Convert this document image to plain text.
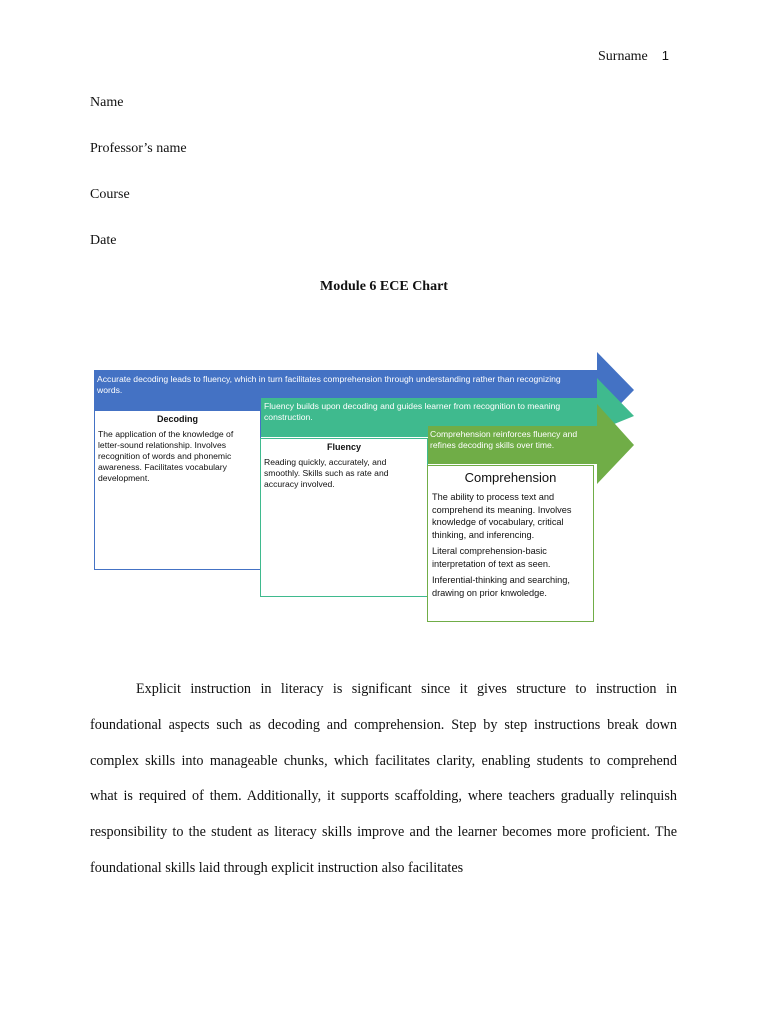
Surname 1
Name
Professor’s name
Course
Date
Module 6 ECE Chart
Accurate decoding leads to fluency, which in turn facilitates comprehension through understanding rather than recognizing words.
Fluency builds upon decoding and guides learner from recognition to meaning construction.
Comprehension reinforces fluency and refines decoding skills over time.
Decoding
The application of the knowledge of letter-sound relationship. Involves recognition of words and phonemic awareness. Facilitates vocabulary development.
Fluency
Reading quickly, accurately, and smoothly. Skills such as rate and accuracy involved.	Comprehension
The ability to process text and comprehend its meaning. Involves knowledge of vocabulary, critical thinking, and inferencing.
Literal comprehension-basic interpretation of text as seen.
Inferential-thinking and searching, drawing on prior knwoledge.

Explicit instruction in literacy is significant since it gives structure to instruction in foundational aspects such as decoding and comprehension. Step by step instructions break down complex skills into manageable chunks, which facilitates clarity, enabling students to comprehend what is required of them. Additionally, it supports scaffolding, where teachers gradually relinquish responsibility to the student as literacy skills improve and the learner becomes more proficient. The foundational skills laid through explicit instruction also facilitates
